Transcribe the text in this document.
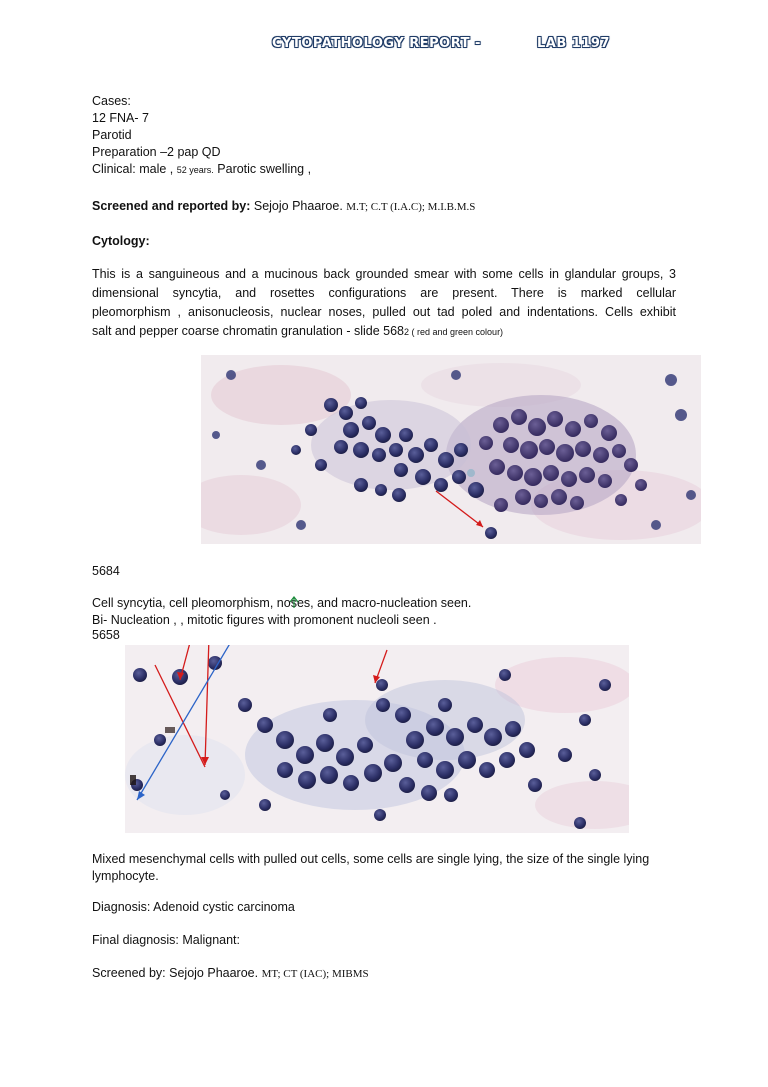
CYTOPATHOLOGY REPORT -	LAB 1197
Cases:
12 FNA- 7
Parotid
Preparation –2 pap QD
Clinical: male , 52 years. Parotic swelling ,
Screened and reported by: Sejojo Phaaroe. M.T; C.T (I.A.C); M.I.B.M.S
Cytology:
This is a sanguineous and a mucinous back grounded smear with some cells in glandular groups, 3
dimensional syncytia, and rosettes configurations are present. There is marked cellular
pleomorphism , anisonucleosis, nuclear noses, pulled out tad poled and indentations. Cells exhibit
salt and pepper coarse chromatin granulation - slide 5682 ( red and green colour)
5684
Cell syncytia, cell pleomorphism, noses, and macro-nucleation seen.
Bi- Nucleation , , mitotic figures with promonent nucleoli seen .
5658
Mixed mesenchymal cells with pulled out cells, some cells are single lying, the size of the single lying
lymphocyte.
Diagnosis: Adenoid cystic carcinoma
Final diagnosis: Malignant:
Screened by: Sejojo Phaaroe. MT; CT (IAC); MIBMS
